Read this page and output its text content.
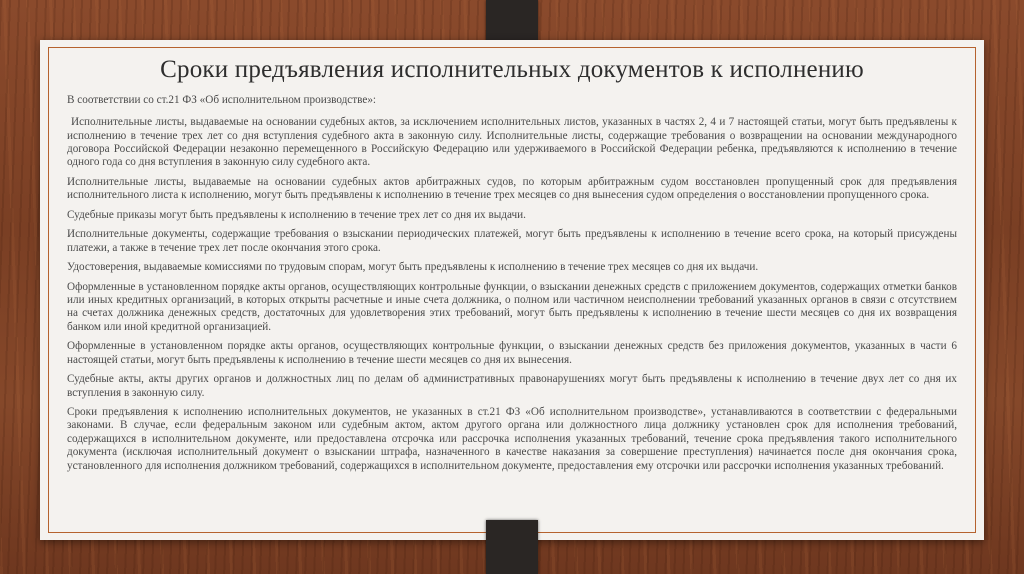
Сроки предъявления исполнительных документов к исполнению

В соответствии со ст.21 ФЗ «Об исполнительном производстве»:

Исполнительные листы, выдаваемые на основании судебных актов, за исключением исполнительных листов, указанных в частях 2, 4 и 7 настоящей статьи, могут быть предъявлены к исполнению в течение трех лет со дня вступления судебного акта в законную силу. Исполнительные листы, содержащие требования о возвращении на основании международного договора Российской Федерации незаконно перемещенного в Российскую Федерацию или удерживаемого в Российской Федерации ребенка, предъявляются к исполнению в течение одного года со дня вступления в законную силу судебного акта.

Исполнительные листы, выдаваемые на основании судебных актов арбитражных судов, по которым арбитражным судом восстановлен пропущенный срок для предъявления исполнительного листа к исполнению, могут быть предъявлены к исполнению в течение трех месяцев со дня вынесения судом определения о восстановлении пропущенного срока.

Судебные приказы могут быть предъявлены к исполнению в течение трех лет со дня их выдачи.

Исполнительные документы, содержащие требования о взыскании периодических платежей, могут быть предъявлены к исполнению в течение всего срока, на который присуждены платежи, а также в течение трех лет после окончания этого срока.

Удостоверения, выдаваемые комиссиями по трудовым спорам, могут быть предъявлены к исполнению в течение трех месяцев со дня их выдачи.

Оформленные в установленном порядке акты органов, осуществляющих контрольные функции, о взыскании денежных средств с приложением документов, содержащих отметки банков или иных кредитных организаций, в которых открыты расчетные и иные счета должника, о полном или частичном неисполнении требований указанных органов в связи с отсутствием на счетах должника денежных средств, достаточных для удовлетворения этих требований, могут быть предъявлены к исполнению в течение шести месяцев со дня их возвращения банком или иной кредитной организацией.

Оформленные в установленном порядке акты органов, осуществляющих контрольные функции, о взыскании денежных средств без приложения документов, указанных в части 6 настоящей статьи, могут быть предъявлены к исполнению в течение шести месяцев со дня их вынесения.

Судебные акты, акты других органов и должностных лиц по делам об административных правонарушениях могут быть предъявлены к исполнению в течение двух лет со дня их вступления в законную силу.

Сроки предъявления к исполнению исполнительных документов, не указанных в ст.21 ФЗ «Об исполнительном производстве», устанавливаются в соответствии с федеральными законами. В случае, если федеральным законом или судебным актом, актом другого органа или должностного лица должнику установлен срок для исполнения требований, содержащихся в исполнительном документе, или предоставлена отсрочка или рассрочка исполнения указанных требований, течение срока предъявления такого исполнительного документа (исключая исполнительный документ о взыскании штрафа, назначенного в качестве наказания за совершение преступления) начинается после дня окончания срока, установленного для исполнения должником требований, содержащихся в исполнительном документе, предоставления ему отсрочки или рассрочки исполнения указанных требований.
